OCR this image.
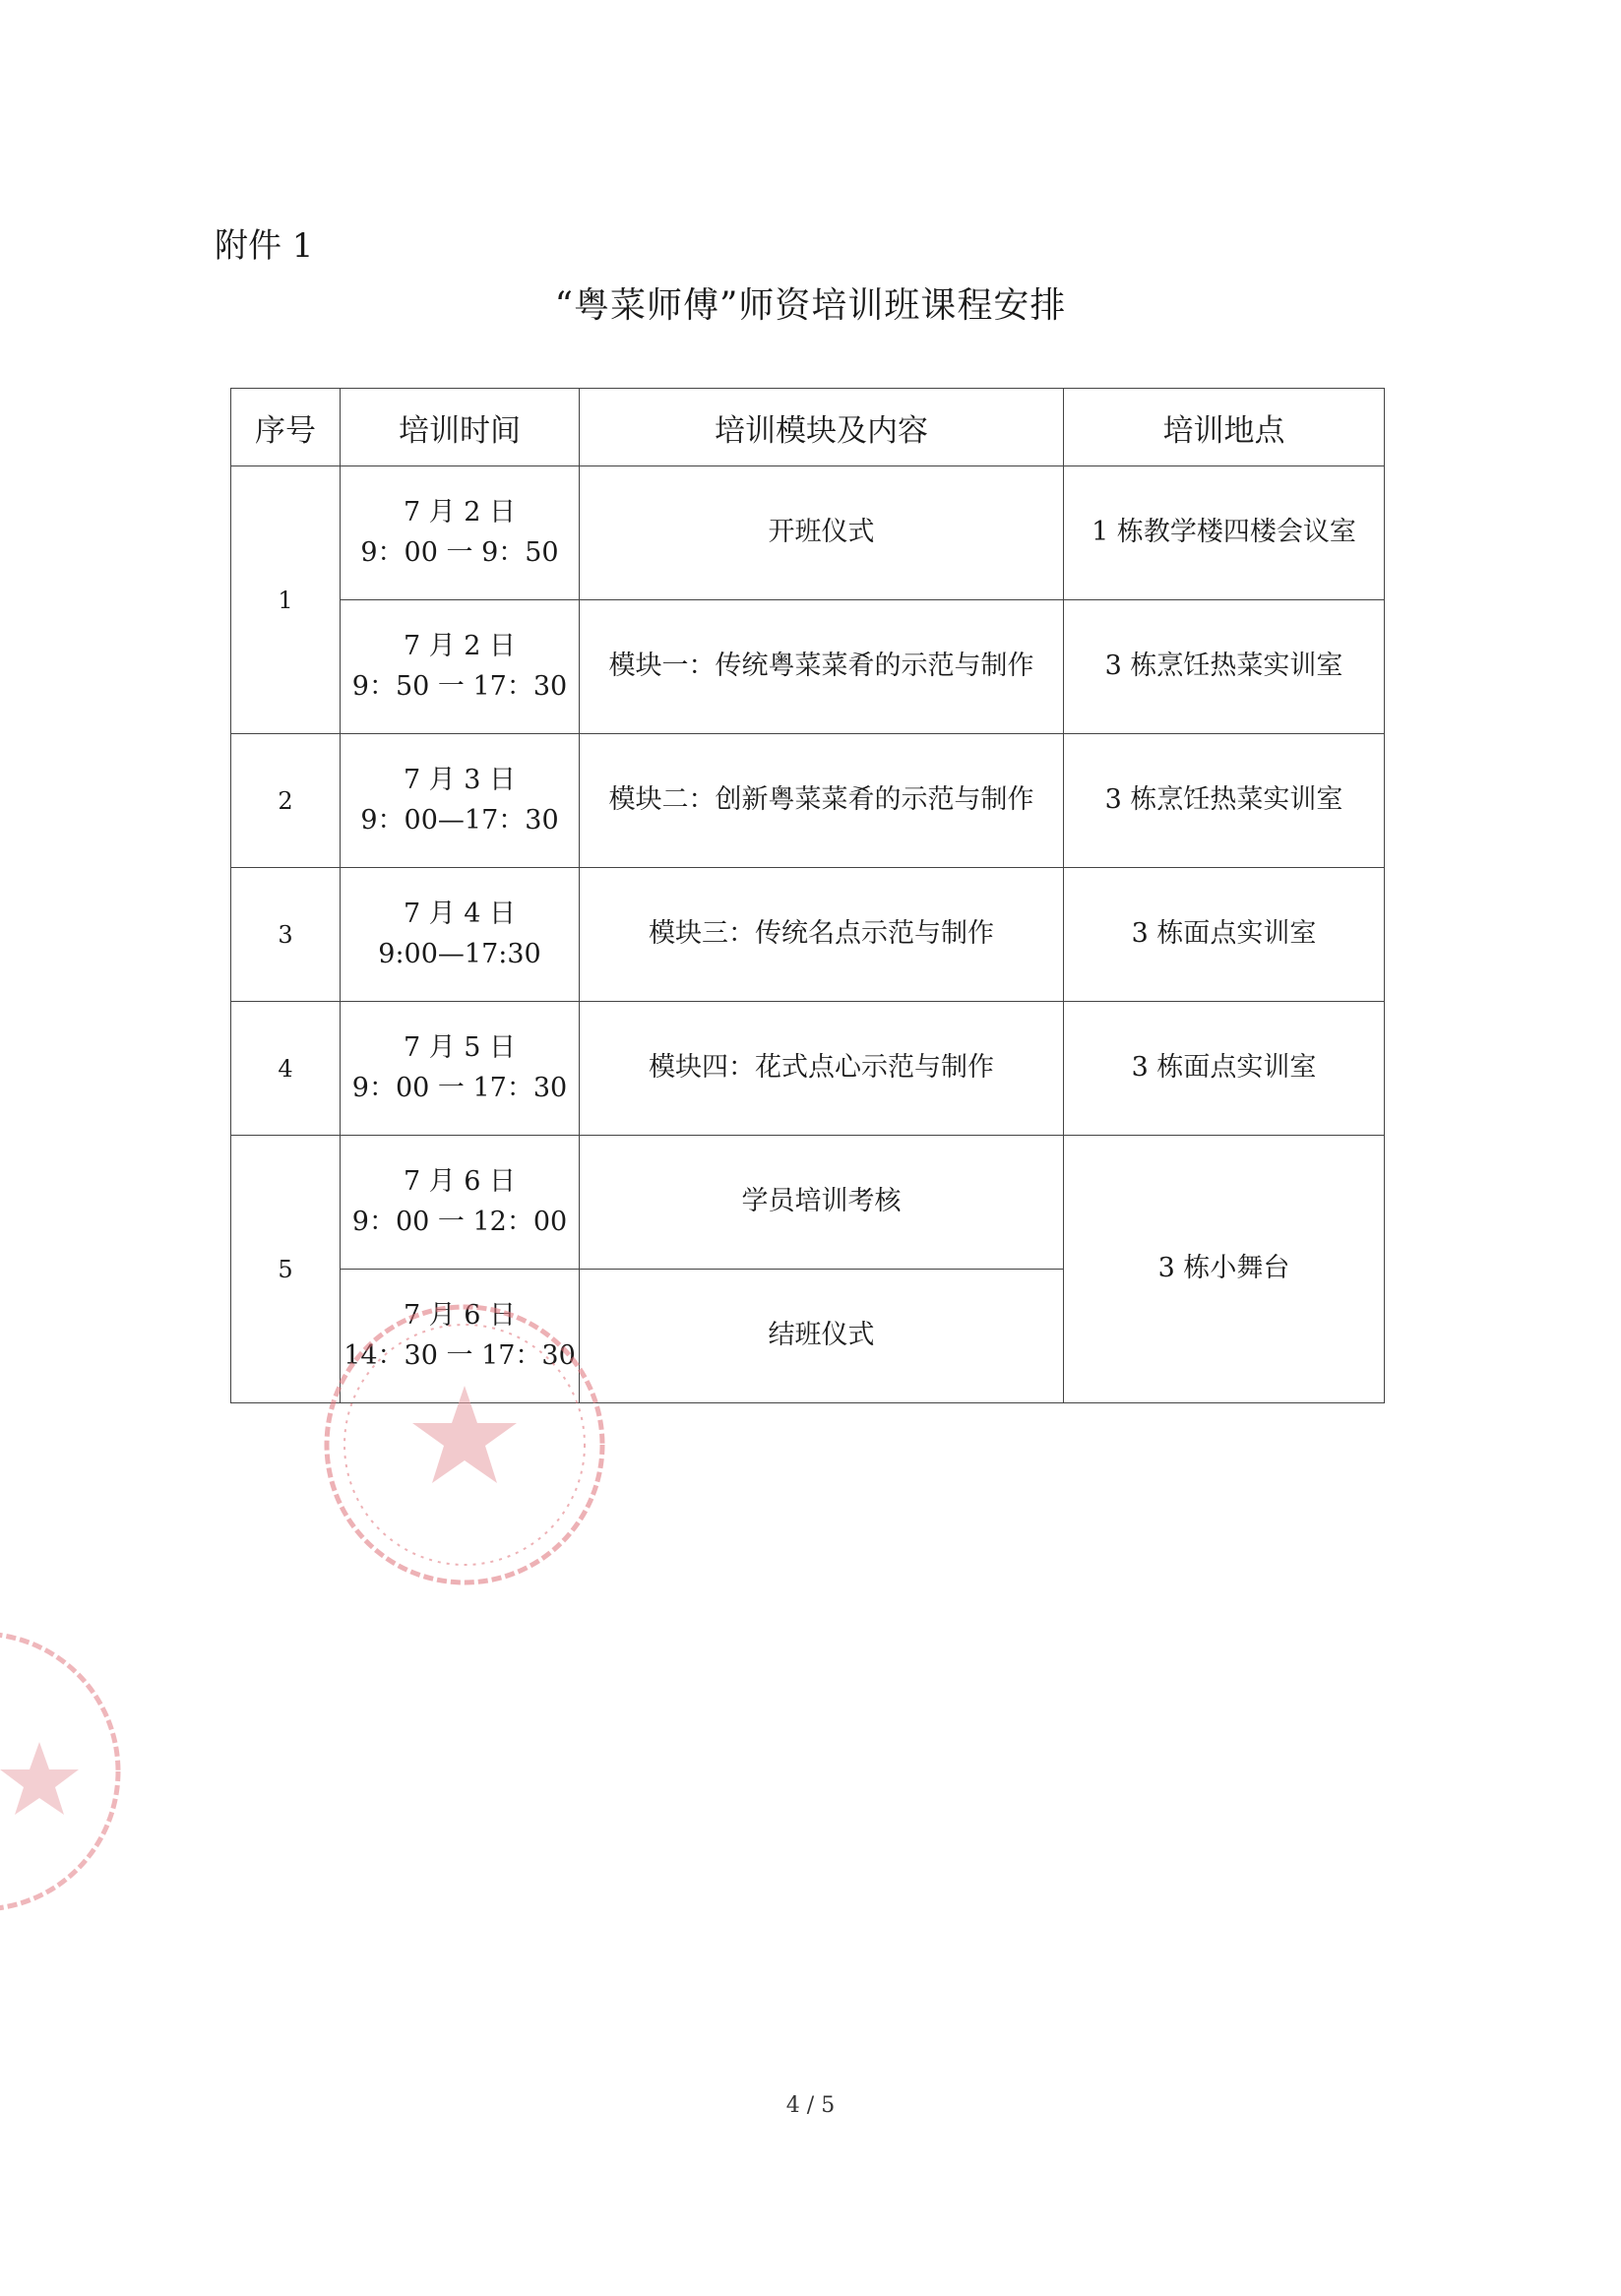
附件 1
“粤菜师傅”师资培训班课程安排
序号	培训时间	培训模块及内容	培训地点
1	7 月 2 日
9：00 一 9：50	开班仪式	1 栋教学楼四楼会议室

	7 月 2 日
9：50 一 17：30	模块一：传统粤菜菜肴的示范与制作	3 栋烹饪热菜实训室
2	7 月 3 日
9：00—17：30	模块二：创新粤菜菜肴的示范与制作	3 栋烹饪热菜实训室
3	7 月 4 日
9:00—17:30	模块三：传统名点示范与制作	3 栋面点实训室
4	7 月 5 日
9：00 一 17：30	模块四：花式点心示范与制作	3 栋面点实训室
5	7 月 6 日
9：00 一 12：00	学员培训考核	3 栋小舞台

	7 月 6 日
14：30 一 17：30	结班仪式	
4 / 5
